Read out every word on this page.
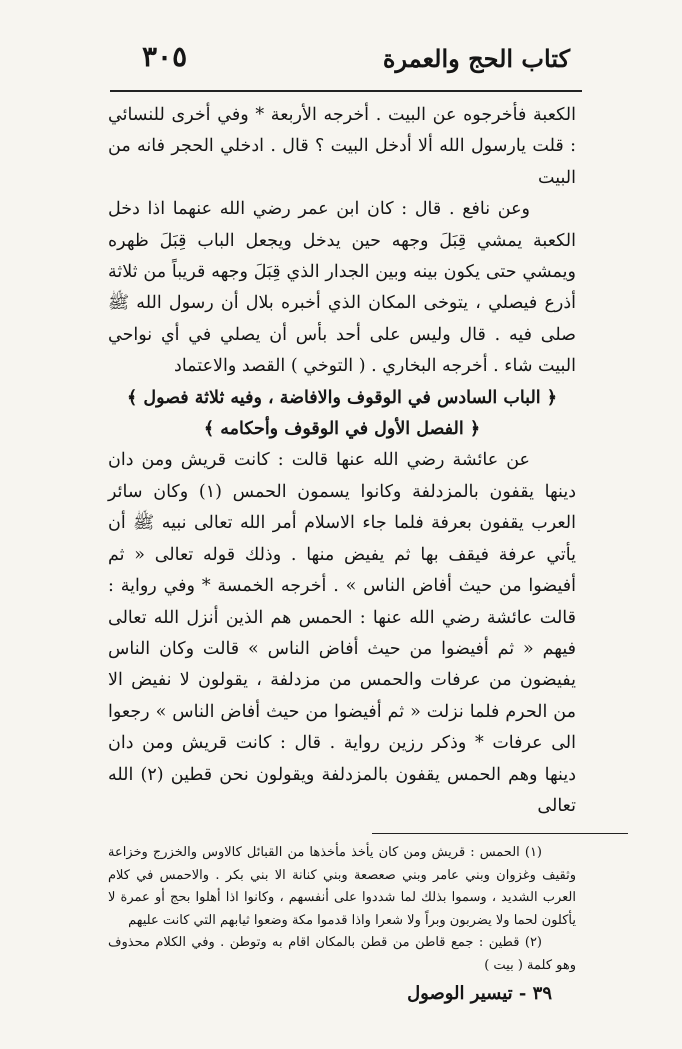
٣٠٥	كتاب الحج والعمرة

الكعبة فأخرجوه عن البيت . أخرجه الأربعة * وفي أخرى للنسائي : قلت يارسول الله ألا أدخل البيت ؟ قال . ادخلي الحجر فانه من البيت

وعن نافع . قال : كان ابن عمر رضي الله عنهما اذا دخل الكعبة يمشي قِبَلَ وجهه حين يدخل ويجعل الباب قِبَلَ ظهره ويمشي حتى يكون بينه وبين الجدار الذي قِبَلَ وجهه قريباً من ثلاثة أذرع فيصلي ، يتوخى المكان الذي أخبره بلال أن رسول الله ﷺ صلى فيه . قال وليس على أحد بأس أن يصلي في أي نواحي البيت شاء . أخرجه البخاري . ( التوخي ) القصد والاعتماد

﴿ الباب السادس في الوقوف والافاضة ، وفيه ثلاثة فصول ﴾

﴿ الفصل الأول في الوقوف وأحكامه ﴾

عن عائشة رضي الله عنها قالت : كانت قريش ومن دان دينها يقفون بالمزدلفة وكانوا يسمون الحمس (١) وكان سائر العرب يقفون بعرفة فلما جاء الاسلام أمر الله تعالى نبيه ﷺ أن يأتي عرفة فيقف بها ثم يفيض منها . وذلك قوله تعالى « ثم أفيضوا من حيث أفاض الناس » . أخرجه الخمسة * وفي رواية : قالت عائشة رضي الله عنها : الحمس هم الذين أنزل الله تعالى فيهم « ثم أفيضوا من حيث أفاض الناس » قالت وكان الناس يفيضون من عرفات والحمس من مزدلفة ، يقولون لا نفيض الا من الحرم فلما نزلت « ثم أفيضوا من حيث أفاض الناس » رجعوا الى عرفات * وذكر رزين رواية . قال : كانت قريش ومن دان دينها وهم الحمس يقفون بالمزدلفة ويقولون نحن قطين (٢) الله تعالى

(١) الحمس : قريش ومن كان يأخذ مأخذها من القبائل كالاوس والخزرج وخزاعة وثقيف وغزوان وبني عامر وبني صعصعة وبني كنانة الا بني بكر . والاحمس في كلام العرب الشديد ، وسموا بذلك لما شددوا على أنفسهم ، وكانوا اذا أهلوا بحج أو عمرة لا يأكلون لحما ولا يضربون وبراً ولا شعرا واذا قدموا مكة وضعوا ثيابهم التي كانت عليهم

(٢) قطين : جمع قاطن من قطن بالمكان اقام به وتوطن . وفي الكلام محذوف وهو كلمة ( بيت )

٣٩ - تيسير الوصول
